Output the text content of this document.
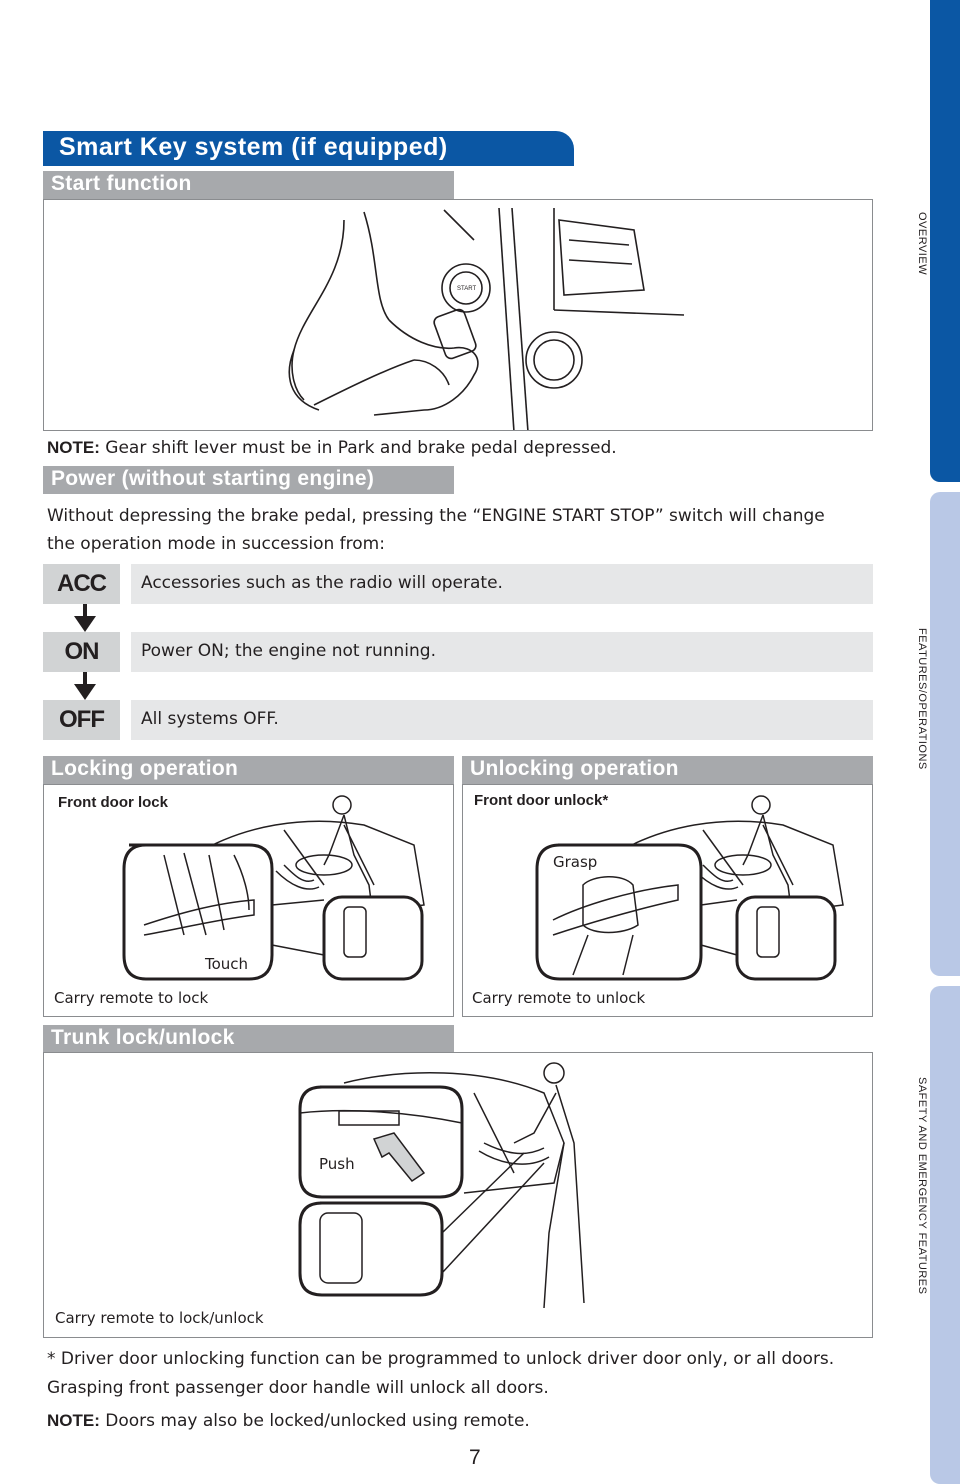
OVERVIEW
FEATURES/OPERATIONS
SAFETY AND EMERGENCY FEATURES
Smart Key system (if equipped)
Start function
START
NOTE: Gear shift lever must be in Park and brake pedal depressed.
Power (without starting engine)
Without depressing the brake pedal, pressing the “ENGINE START STOP” switch will change the operation mode in succession from:
ACC	Accessories such as the radio will operate.
ON	Power ON; the engine not running.
OFF	All systems OFF.
Locking operation	Unlocking operation
Front door lock
Touch
Carry remote to lock
Front door unlock*
Grasp
Carry remote to unlock
Trunk lock/unlock
Push
Carry remote to lock/unlock
* Driver door unlocking function can be programmed to unlock driver door only, or all doors. Grasping front passenger door handle will unlock all doors.
NOTE: Doors may also be locked/unlocked using remote.
7
